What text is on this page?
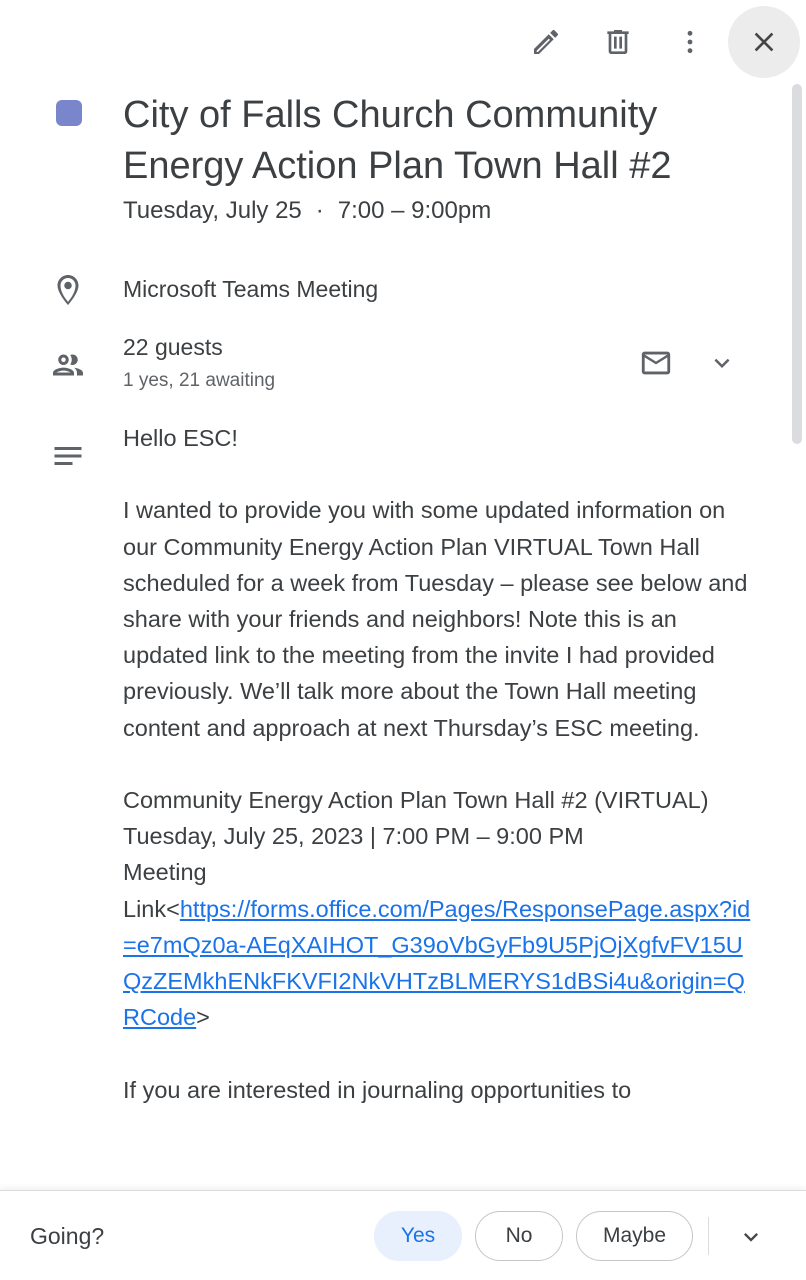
City of Falls Church Community Energy Action Plan Town Hall #2
Tuesday, July 25 · 7:00 – 9:00pm
Microsoft Teams Meeting
22 guests
1 yes, 21 awaiting

Hello ESC!

I wanted to provide you with some updated information on our Community Energy Action Plan VIRTUAL Town Hall scheduled for a week from Tuesday – please see below and share with your friends and neighbors! Note this is an updated link to the meeting from the invite I had provided previously. We’ll talk more about the Town Hall meeting content and approach at next Thursday’s ESC meeting.

Community Energy Action Plan Town Hall #2 (VIRTUAL)

Tuesday, July 25, 2023 | 7:00 PM – 9:00 PM

Meeting

Link<https://forms.office.com/Pages/ResponsePage.aspx?id=e7mQz0a-AEqXAIHOT_G39oVbGyFb9U5PjOjXgfvFV15UQzZEMkhENkFKVFI2NkVHTzBLMERYS1dBSi4u&origin=QRCode>

If you are interested in journaling opportunities to

Going?	Yes	No	Maybe
